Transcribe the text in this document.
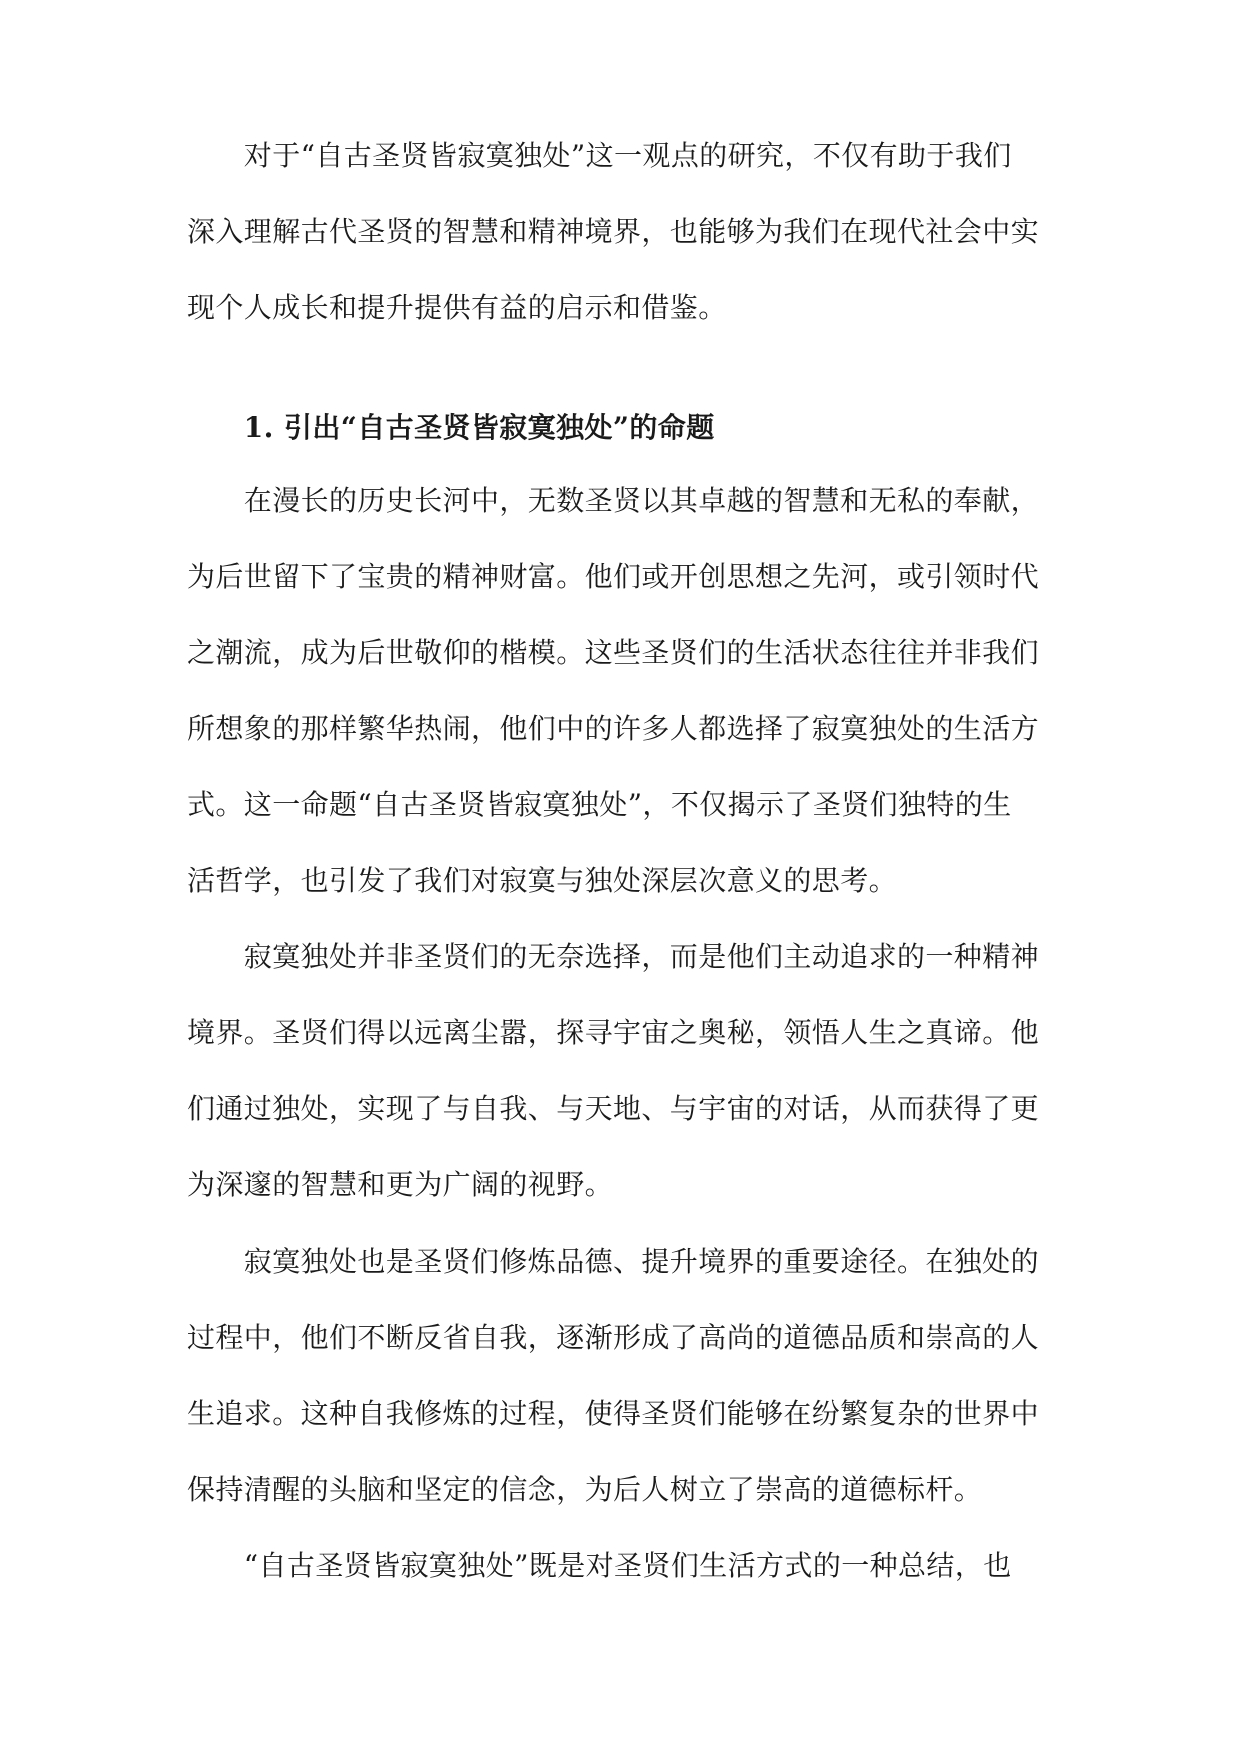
　　对于“自古圣贤皆寂寞独处”这一观点的研究，不仅有助于我们
深入理解古代圣贤的智慧和精神境界，也能够为我们在现代社会中实
现个人成长和提升提供有益的启示和借鉴。
　　1. 引出“自古圣贤皆寂寞独处”的命题
　　在漫长的历史长河中，无数圣贤以其卓越的智慧和无私的奉献，
为后世留下了宝贵的精神财富。他们或开创思想之先河，或引领时代
之潮流，成为后世敬仰的楷模。这些圣贤们的生活状态往往并非我们
所想象的那样繁华热闹，他们中的许多人都选择了寂寞独处的生活方
式。这一命题“自古圣贤皆寂寞独处”，不仅揭示了圣贤们独特的生
活哲学，也引发了我们对寂寞与独处深层次意义的思考。
　　寂寞独处并非圣贤们的无奈选择，而是他们主动追求的一种精神
境界。圣贤们得以远离尘嚣，探寻宇宙之奥秘，领悟人生之真谛。他
们通过独处，实现了与自我、与天地、与宇宙的对话，从而获得了更
为深邃的智慧和更为广阔的视野。
　　寂寞独处也是圣贤们修炼品德、提升境界的重要途径。在独处的
过程中，他们不断反省自我，逐渐形成了高尚的道德品质和崇高的人
生追求。这种自我修炼的过程，使得圣贤们能够在纷繁复杂的世界中
保持清醒的头脑和坚定的信念，为后人树立了崇高的道德标杆。
　　“自古圣贤皆寂寞独处”既是对圣贤们生活方式的一种总结，也
